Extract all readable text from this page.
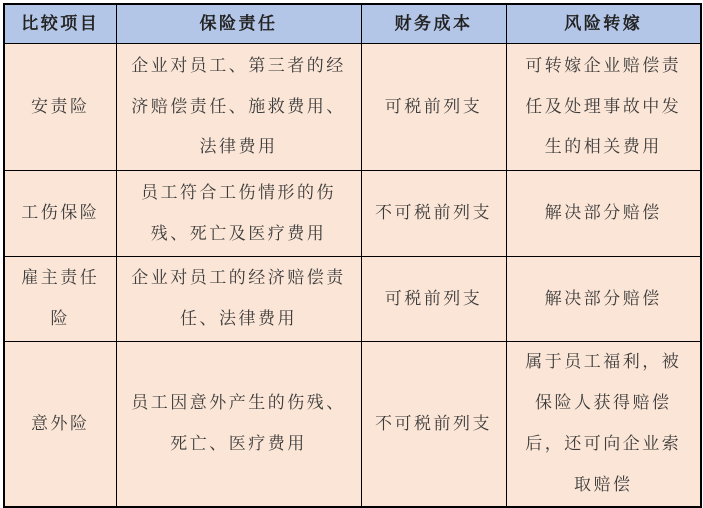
比较项目	保险责任	财务成本	风险转嫁
安责险	企业对员工、第三者的经济赔偿责任、施救费用、法律费用	可税前列支	可转嫁企业赔偿责任及处理事故中发生的相关费用
工伤保险	员工符合工伤情形的伤残、死亡及医疗费用	不可税前列支	解决部分赔偿
雇主责任险	企业对员工的经济赔偿责任、法律费用	可税前列支	解决部分赔偿
意外险	员工因意外产生的伤残、死亡、医疗费用	不可税前列支	属于员工福利，被保险人获得赔偿后，还可向企业索取赔偿
